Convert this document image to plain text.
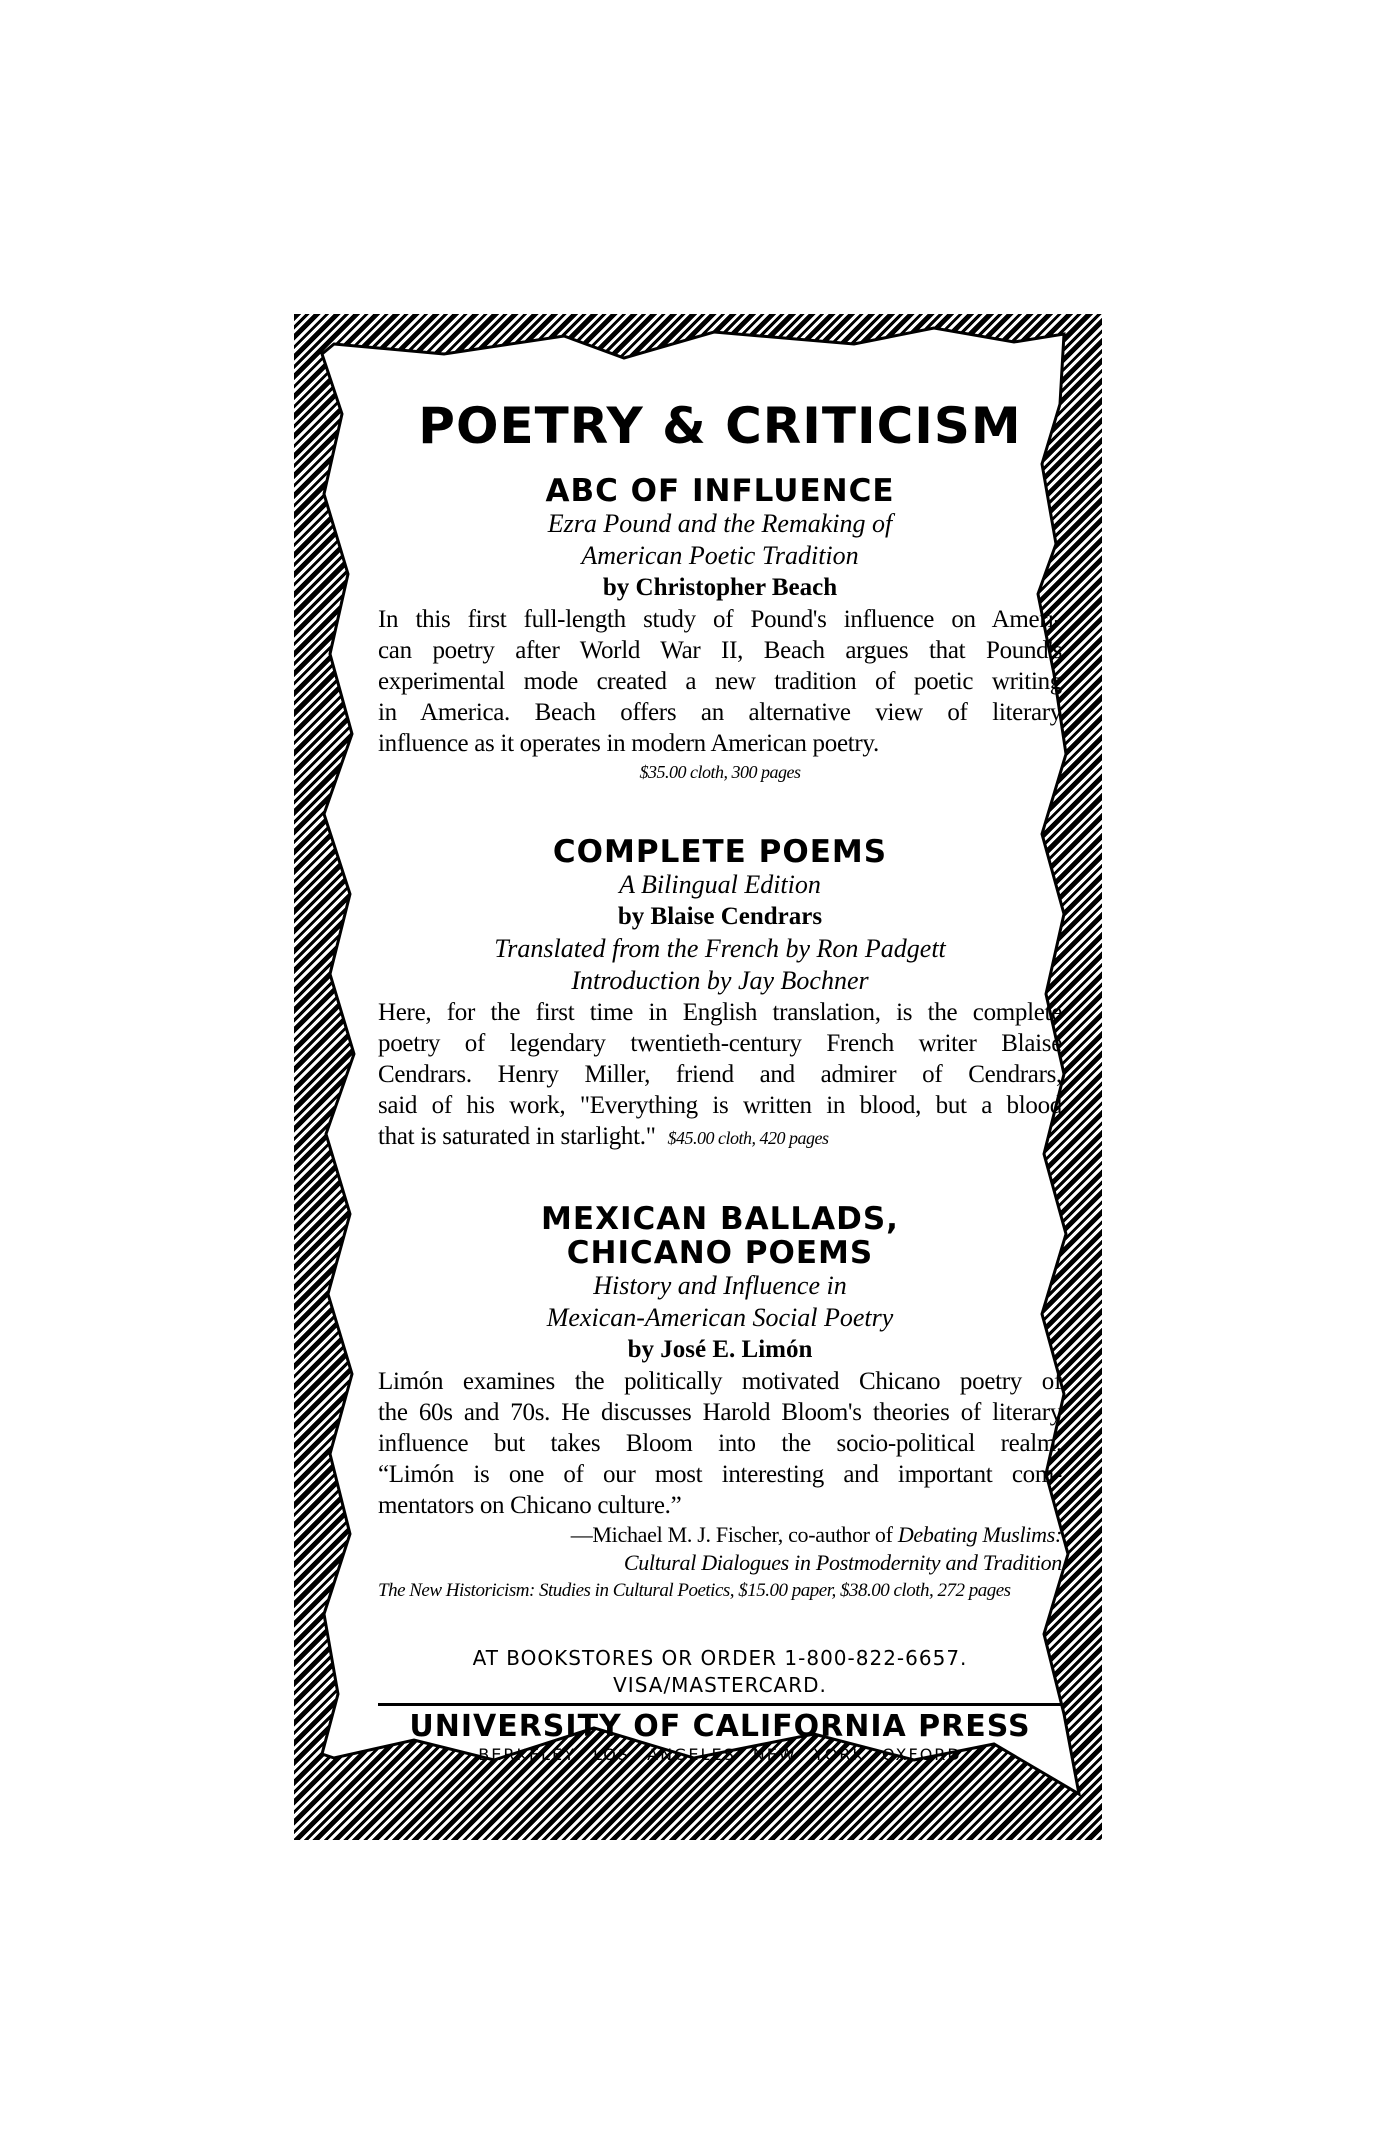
POETRY & CRITICISM
ABC OF INFLUENCE
Ezra Pound and the Remaking of
American Poetic Tradition
by Christopher Beach
In this first full-length study of Pound's influence on Ameri-
can poetry after World War II, Beach argues that Pound's
experimental mode created a new tradition of poetic writing
in America. Beach offers an alternative view of literary
influence as it operates in modern American poetry.
$35.00 cloth, 300 pages
COMPLETE POEMS
A Bilingual Edition
by Blaise Cendrars
Translated from the French by Ron Padgett
Introduction by Jay Bochner
Here, for the first time in English translation, is the complete
poetry of legendary twentieth-century French writer Blaise
Cendrars. Henry Miller, friend and admirer of Cendrars,
said of his work, "Everything is written in blood, but a blood
that is saturated in starlight." $45.00 cloth, 420 pages
MEXICAN BALLADS,
CHICANO POEMS
History and Influence in
Mexican-American Social Poetry
by José E. Limón
Limón examines the politically motivated Chicano poetry of
the 60s and 70s. He discusses Harold Bloom's theories of literary
influence but takes Bloom into the socio-political realm.
“Limón is one of our most interesting and important com-
mentators on Chicano culture.”
—Michael M. J. Fischer, co-author of Debating Muslims:
Cultural Dialogues in Postmodernity and Tradition
The New Historicism: Studies in Cultural Poetics, $15.00 paper, $38.00 cloth, 272 pages
AT BOOKSTORES OR ORDER 1-800-822-6657.
VISA/MASTERCARD.
UNIVERSITY OF CALIFORNIA PRESS
BERKELEY LOS ANGELES NEW YORK OXFORD
